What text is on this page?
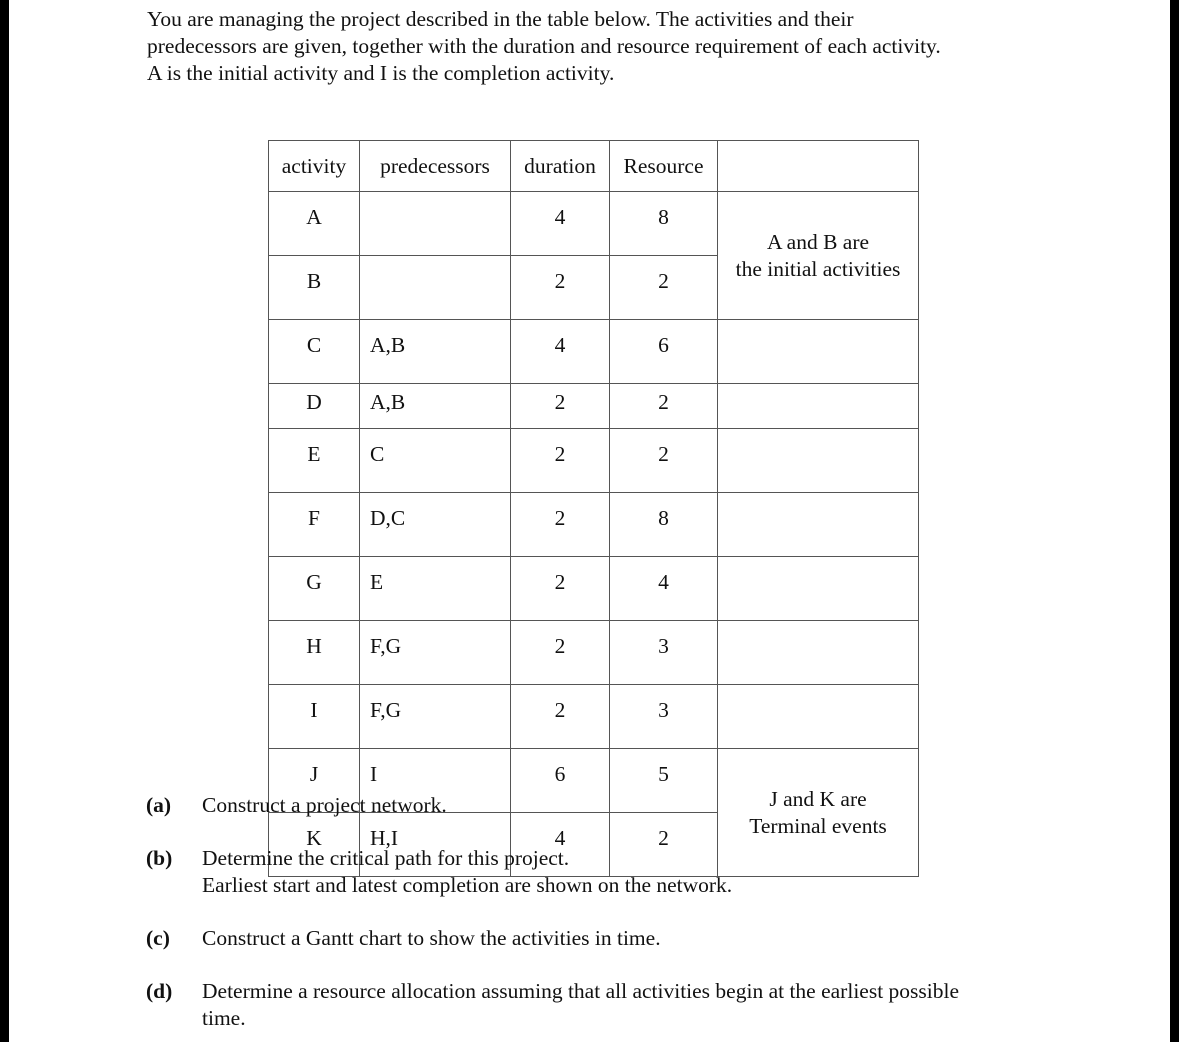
You are managing the project described in the table below. The activities and their
predecessors are given, together with the duration and resource requirement of each activity.
A is the initial activity and I is the completion activity.
activity	predecessors	duration	Resource	
A		4	8	A and B are
the initial activities

B		2	2	
C	A,B	4	6	
D	A,B	2	2	
E	C	2	2	
F	D,C	2	8	
G	E	2	4	
H	F,G	2	3	
I	F,G	2	3	
J	I	6	5	J and K are
Terminal events

K	H,I	4	2	
(a) Construct a project network.
(b) Determine the critical path for this project.
Earliest start and latest completion are shown on the network.
(c) Construct a Gantt chart to show the activities in time.
(d) Determine a resource allocation assuming that all activities begin at the earliest possible
time.
